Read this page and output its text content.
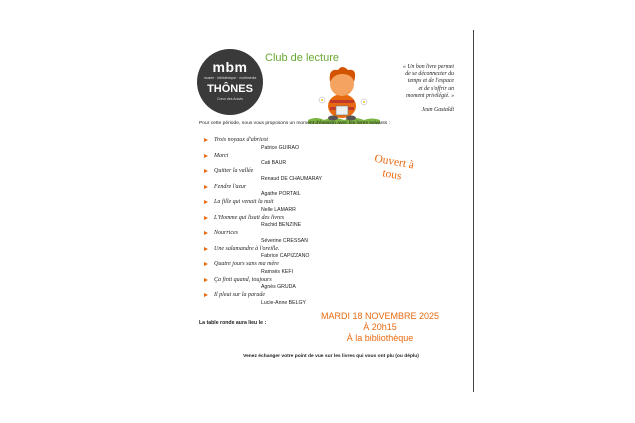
mbm
musée · bibliothèque · multimédia
THÔNES
Cœur des Aravis
Club de lecture
« Un bon livre permet
de se déconnecter du
temps et de l'espace
et de s'offrir un
moment privilégié. »
Jean Gastaldi
Pour cette période, nous vous proposons un moment d'évasion avec les livres suivants :
Trois noyaux d'abricot
Patrice GUIRAO
Marci
Cati BAUR
Quitter la vallée
Renaud DE CHAUMARAY
Fendre l'azur
Agathe PORTAIL
La fille qui venait la nuit
Nelle LAMARR
L'Homme qui lisait des livres
Rachid BENZINE
Nourrices
Séverine CRESSAN
Une salamandre à l'oreille.
Fabrice CAPIZZANO
Quatre jours sans ma mère
Ramsès KEFI
Ça finit quand, toujours
Agnès GRUDA
Il pleut sur la parade
Lucie-Anne BELGY
Ouvert à
tous
La table ronde aura lieu le :
MARDI 18 NOVEMBRE 2025
À 20h15
À la bibliothèque
Venez échanger votre point de vue sur les livres qui vous ont plu (ou déplu)
